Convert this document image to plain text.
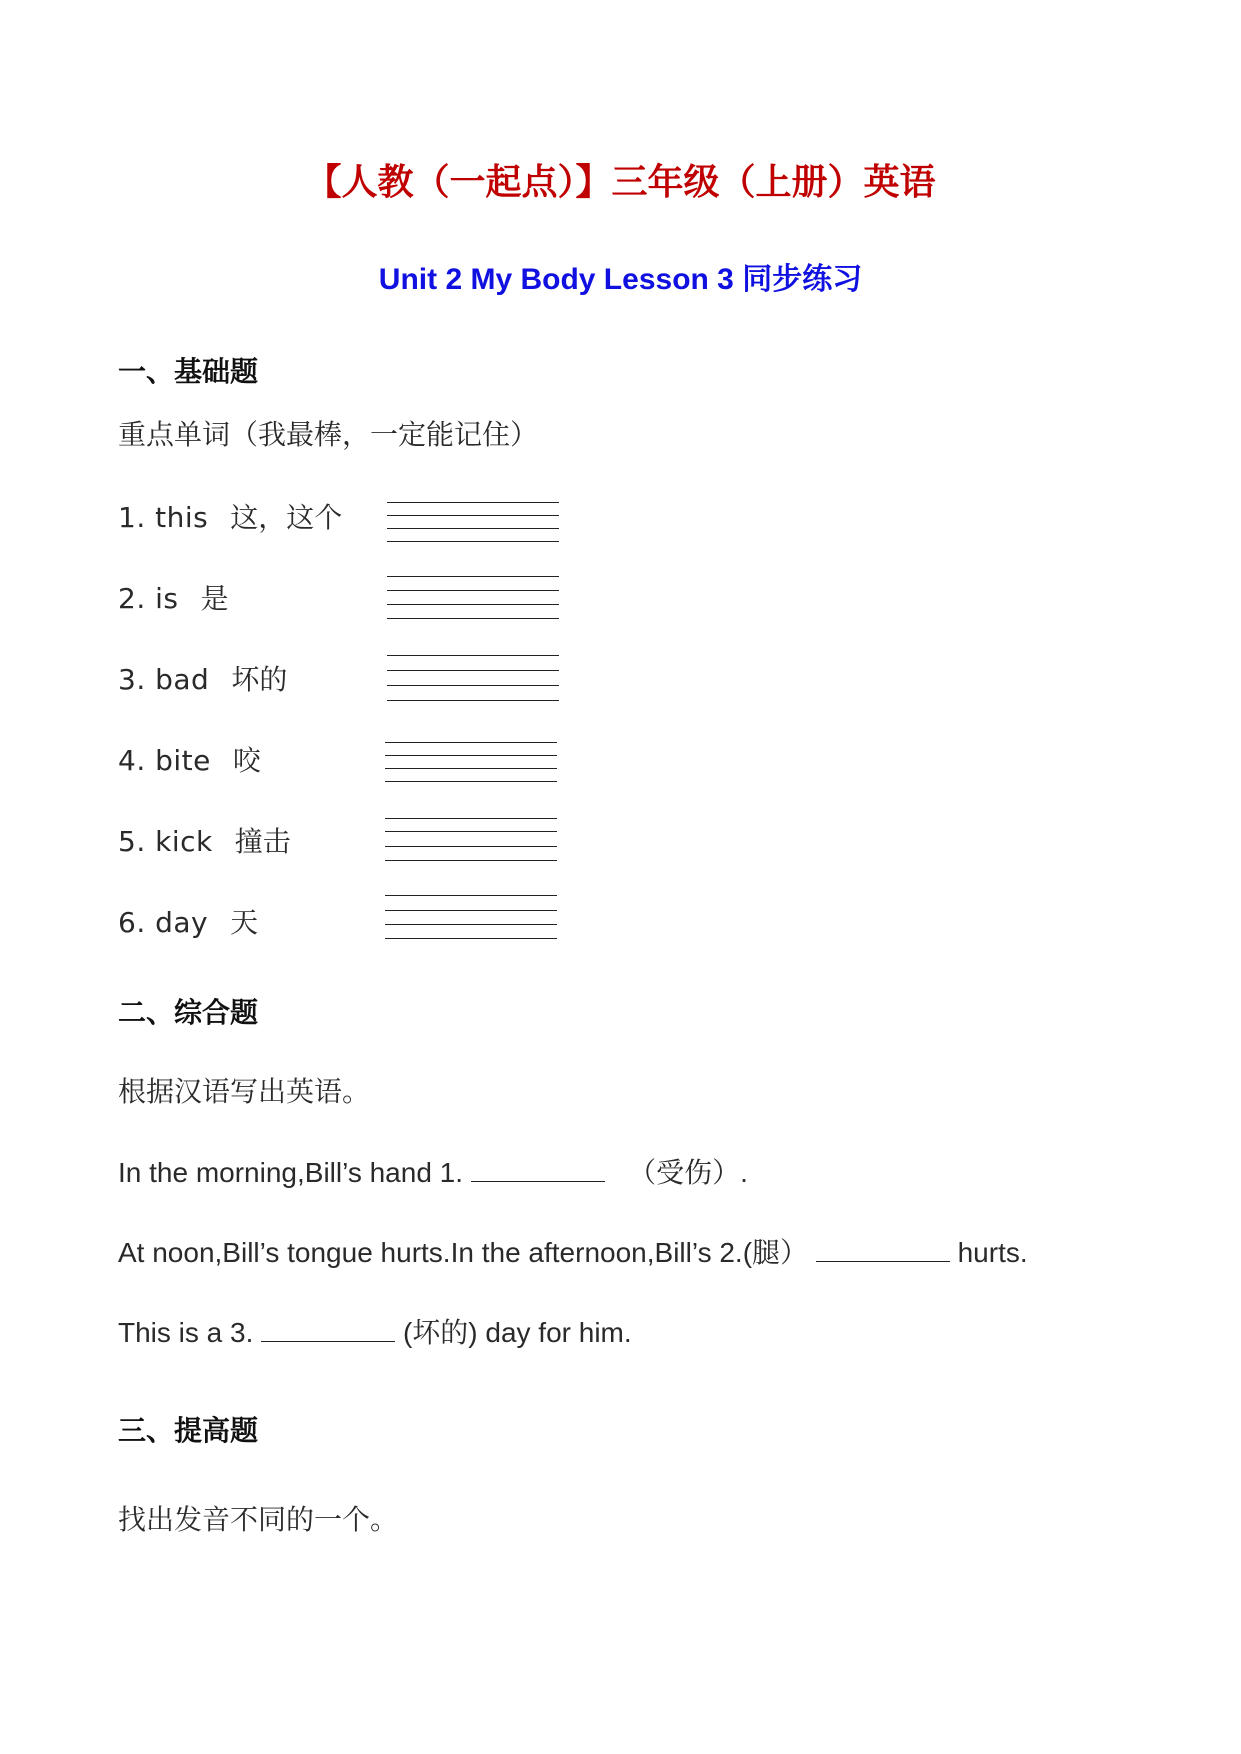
【人教（一起点）】三年级（上册）英语
Unit 2 My Body Lesson 3 同步练习
一、基础题
重点单词（我最棒，一定能记住）
1. this 这，这个
2. is 是
3. bad 坏的
4. bite 咬
5. kick 撞击
6. day 天
二、综合题
根据汉语写出英语。
In the morning,Bill’s hand 1.	（受伤）.
At noon,Bill’s tongue hurts.In the afternoon,Bill’s 2.(腿）	hurts.
This is a 3.	(坏的) day for him.
三、提高题
找出发音不同的一个。
